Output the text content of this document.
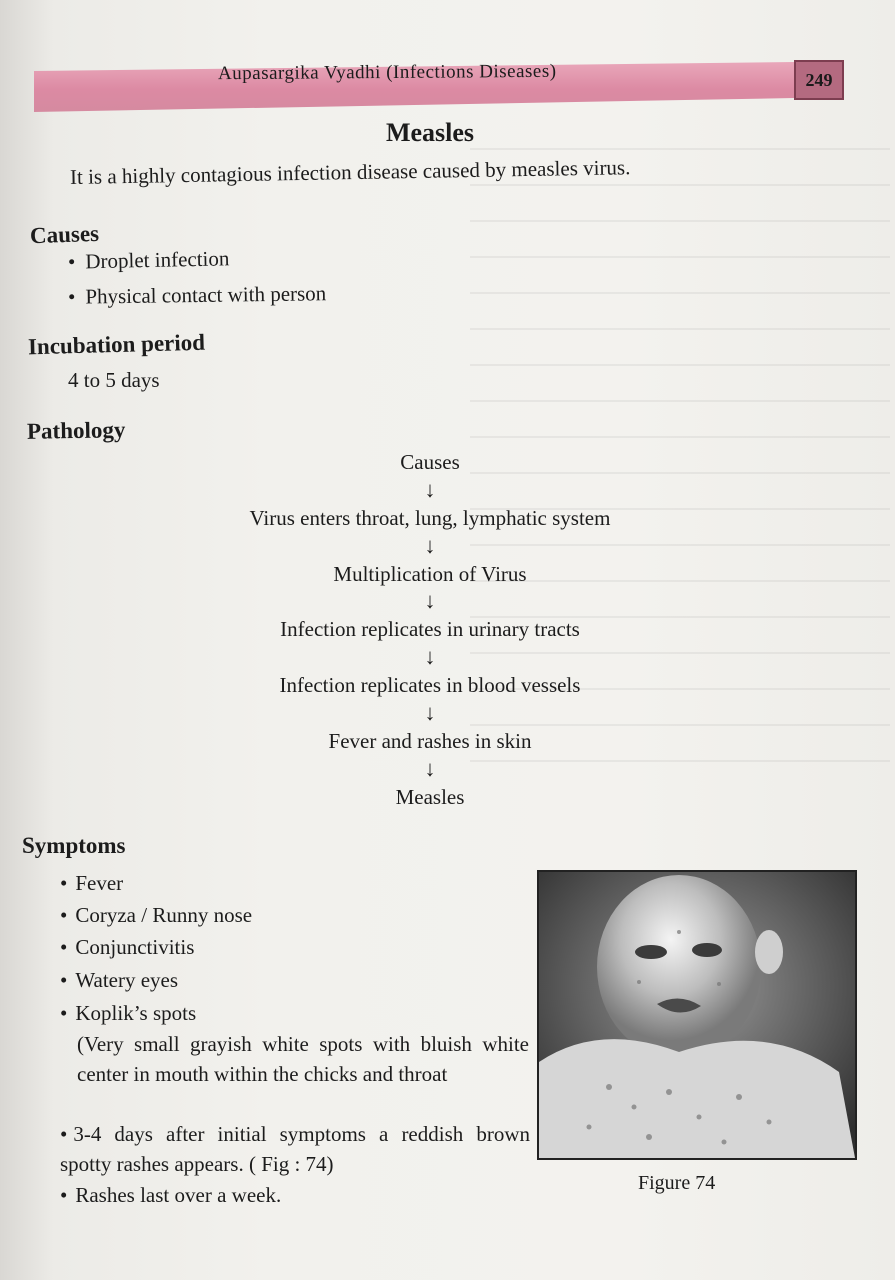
Aupasargika Vyadhi (Infections Diseases)	249
Measles
It is a highly contagious infection disease caused by measles virus.
Causes
• Droplet infection
• Physical contact with person
Incubation period
4 to 5 days
Pathology
Causes
↓
Virus enters throat, lung, lymphatic system
↓
Multiplication of Virus
↓
Infection replicates in urinary tracts
↓
Infection replicates in blood vessels
↓
Fever and rashes in skin
↓
Measles
Symptoms
• Fever
• Coryza / Runny nose
• Conjunctivitis
• Watery eyes
• Koplik’s spots
(Very small grayish white spots with bluish white center in mouth within the chicks and throat
• 3-4 days after initial symptoms a reddish brown spotty rashes appears. ( Fig : 74)
• Rashes last over a week.	Figure 74
